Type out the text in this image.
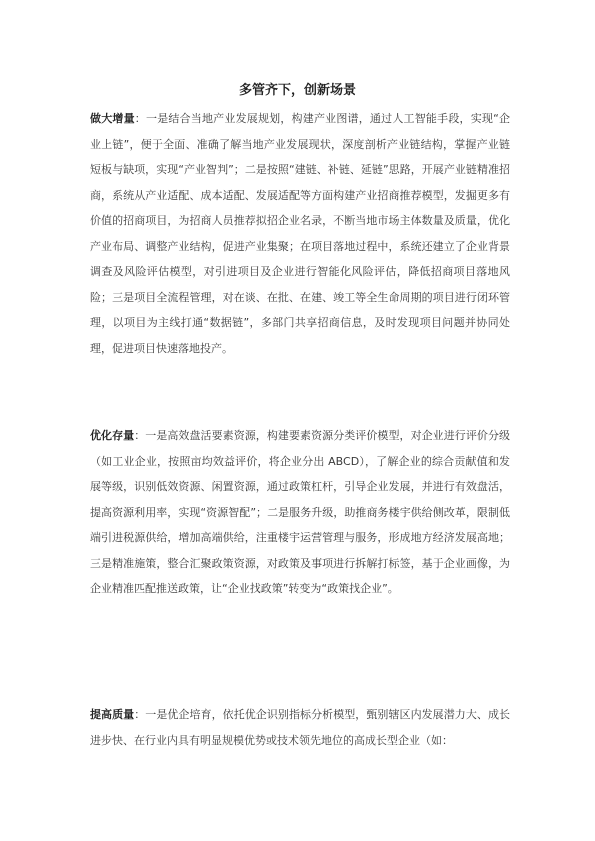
多管齐下，创新场景
做大增量：一是结合当地产业发展规划，构建产业图谱，通过人工智能手段，实现“企业上链”，便于全面、准确了解当地产业发展现状，深度剖析产业链结构，掌握产业链短板与缺项，实现“产业智判”；二是按照“建链、补链、延链”思路，开展产业链精准招商，系统从产业适配、成本适配、发展适配等方面构建产业招商推荐模型，发掘更多有价值的招商项目，为招商人员推荐拟招企业名录，不断当地市场主体数量及质量，优化产业布局、调整产业结构，促进产业集聚；在项目落地过程中，系统还建立了企业背景调查及风险评估模型，对引进项目及企业进行智能化风险评估，降低招商项目落地风险；三是项目全流程管理，对在谈、在批、在建、竣工等全生命周期的项目进行闭环管理，以项目为主线打通“数据链”，多部门共享招商信息，及时发现项目问题并协同处理，促进项目快速落地投产。
优化存量：一是高效盘活要素资源，构建要素资源分类评价模型，对企业进行评价分级（如工业企业，按照亩均效益评价，将企业分出 ABCD），了解企业的综合贡献值和发展等级，识别低效资源、闲置资源，通过政策杠杆，引导企业发展，并进行有效盘活，提高资源利用率，实现“资源智配”；二是服务升级，助推商务楼宇供给侧改革，限制低端引进税源供给，增加高端供给，注重楼宇运营管理与服务，形成地方经济发展高地；三是精准施策，整合汇聚政策资源，对政策及事项进行拆解打标签，基于企业画像，为企业精准匹配推送政策，让“企业找政策”转变为“政策找企业”。
提高质量：一是优企培育，依托优企识别指标分析模型，甄别辖区内发展潜力大、成长进步快、在行业内具有明显规模优势或技术领先地位的高成长型企业（如：
